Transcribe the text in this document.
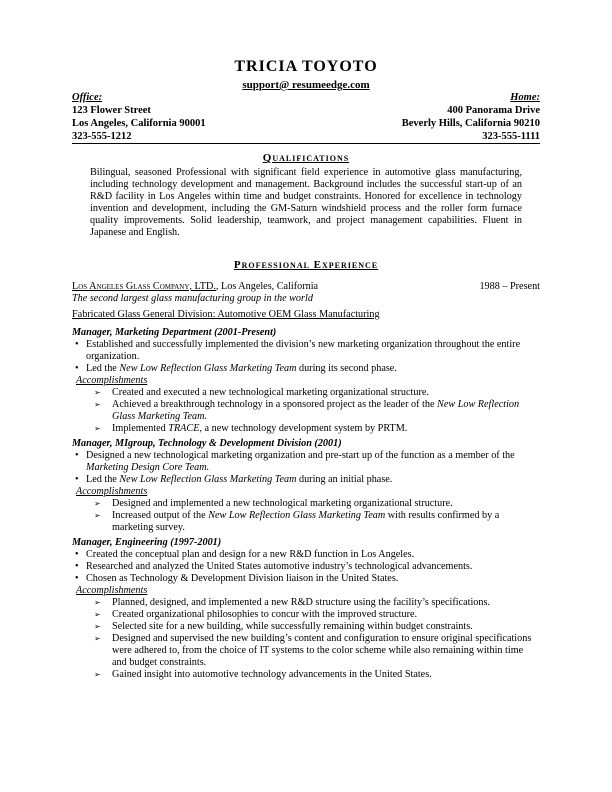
TRICIA TOYOTO
support@ resumeedge.com
Office:
123 Flower Street
Los Angeles, California 90001
323-555-1212
Home:
400 Panorama Drive
Beverly Hills, California 90210
323-555-1111
Qualifications
Bilingual, seasoned Professional with significant field experience in automotive glass manufacturing, including technology development and management. Background includes the successful start-up of an R&D facility in Los Angeles within time and budget constraints. Honored for excellence in technology invention and development, including the GM-Saturn windshield process and the roller form furnace quality improvements. Solid leadership, teamwork, and project management capabilities. Fluent in Japanese and English.
Professional Experience
Los Angeles Glass Company, LTD., Los Angeles, California	1988 – Present
The second largest glass manufacturing group in the world
Fabricated Glass General Division: Automotive OEM Glass Manufacturing
Manager, Marketing Department (2001-Present)
• Established and successfully implemented the division’s new marketing organization throughout the entire organization.
• Led the New Low Reflection Glass Marketing Team during its second phase.
Accomplishments
➢ Created and executed a new technological marketing organizational structure.
➢ Achieved a breakthrough technology in a sponsored project as the leader of the New Low Reflection Glass Marketing Team.
➢ Implemented TRACE, a new technology development system by PRTM.
Manager, MIgroup, Technology & Development Division (2001)
• Designed a new technological marketing organization and pre-start up of the function as a member of the Marketing Design Core Team.
• Led the New Low Reflection Glass Marketing Team during an initial phase.
Accomplishments
➢ Designed and implemented a new technological marketing organizational structure.
➢ Increased output of the New Low Reflection Glass Marketing Team with results confirmed by a marketing survey.
Manager, Engineering (1997-2001)
• Created the conceptual plan and design for a new R&D function in Los Angeles.
• Researched and analyzed the United States automotive industry’s technological advancements.
• Chosen as Technology & Development Division liaison in the United States.
Accomplishments
➢ Planned, designed, and implemented a new R&D structure using the facility’s specifications.
➢ Created organizational philosophies to concur with the improved structure.
➢ Selected site for a new building, while successfully remaining within budget constraints.
➢ Designed and supervised the new building’s content and configuration to ensure original specifications were adhered to, from the choice of IT systems to the color scheme while also remaining within time and budget constraints.
➢ Gained insight into automotive technology advancements in the United States.
